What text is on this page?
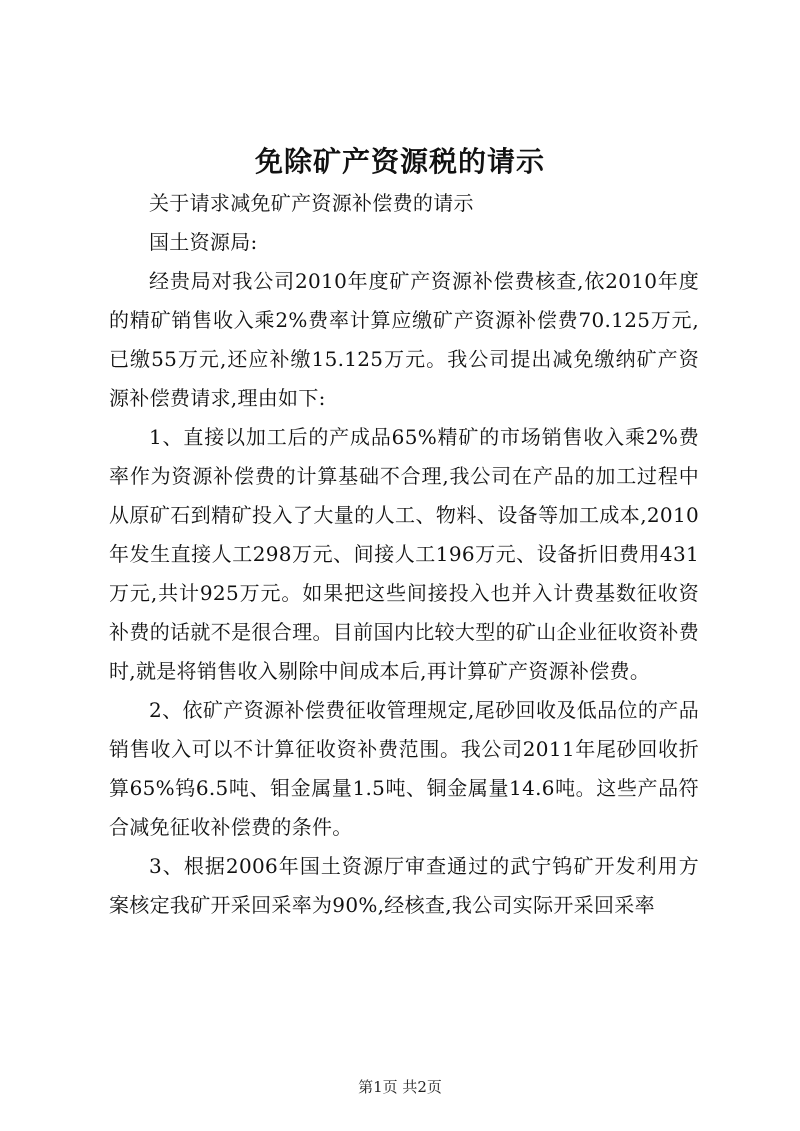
免除矿产资源税的请示

关于请求减免矿产资源补偿费的请示

国土资源局:

经贵局对我公司2010年度矿产资源补偿费核查,依2010年度的精矿销售收入乘2%费率计算应缴矿产资源补偿费70.125万元,已缴55万元,还应补缴15.125万元。我公司提出减免缴纳矿产资源补偿费请求,理由如下:

1、直接以加工后的产成品65%精矿的市场销售收入乘2%费率作为资源补偿费的计算基础不合理,我公司在产品的加工过程中从原矿石到精矿投入了大量的人工、物料、设备等加工成本,2010年发生直接人工298万元、间接人工196万元、设备折旧费用431万元,共计925万元。如果把这些间接投入也并入计费基数征收资补费的话就不是很合理。目前国内比较大型的矿山企业征收资补费时,就是将销售收入剔除中间成本后,再计算矿产资源补偿费。

2、依矿产资源补偿费征收管理规定,尾砂回收及低品位的产品销售收入可以不计算征收资补费范围。我公司2011年尾砂回收折算65%钨6.5吨、钼金属量1.5吨、铜金属量14.6吨。这些产品符合减免征收补偿费的条件。

3、根据2006年国土资源厅审查通过的武宁钨矿开发利用方案核定我矿开采回采率为90%,经核查,我公司实际开采回采率

第1页 共2页
